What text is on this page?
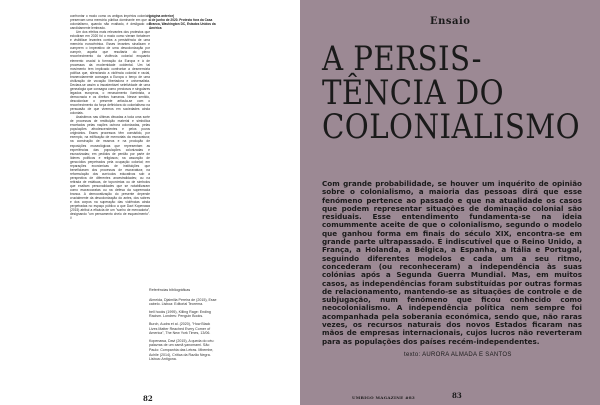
confrontar o modo como os antigos impérios coloniais preservam uma memória pública dominante em que o colonialismo, quando não exaltado, é desligado ou candidamente lembrado.

Um dos efeitos mais relevantes dos protestos que eclodiram em 2020 foi o modo como vieram fortalecer e visibilizar levantes contra a persistência de uma memória eurocêntrica. Esses levantes sinalizam e cumprem o imperativo de uma descolonização por cumprir, aquela que resultaria do pleno reconhecimento da violência colonial enquanto elemento crucial à formação da Europa e à de processos da modernidade ocidental. Um tal movimento tem implicado confrontar a desmemória política que, silenciando a violência colonial e racial, branevolamente consagra a Europa o berço de uma civilização de vocação libertadora e universalista. Declara-se assim a insustentável seletividade de uma genealogia que consagra como preciosos e singulares legados europeus, o renascimento iluminista, a democracia e os direitos humanos. Nesse sentido, descolonizar o presente articula-se com o reconhecimento da força definidora do colonialismo na persuasão de que vivemos em sociedades ainda coloniais.

Assistimos nas últimas décadas a toda uma sorte de processos de restituição material e simbólica encetados pelas nações outrora colonizadas, pelas populações afrodescendentes e pelos povos originários. Esses processos têm consistido, por exemplo, na edificação de memoriais da escravatura; na construção de museus e na produção de exposições museológicas que representam as experiências das populações colonizadas e escravizadas; em pedidos de perdão por parte de líderes políticos e religiosos; na assunção de genocídios perpetrados pela ocupação colonial; em reparações económicas de instituições que beneficiaram dos processos de escravatura; na reformulação dos currículos educativos sob a perspectiva de diferentes ancestralidades; ou na retirada de estátuas, de toponímias ou de símbolos que exaltam personalidades que se notabilizaram como escravocratas ou na defesa da supremacia branca. A democratização do presente depende crucialmente da descolonização do antes, dos sobres e dos corpos na superação das violências ainda perpetradas no espaço público a que Davi Kopenawa (2015) atribui a eficácia de um "sonho de mercadoria", designando "um pensamento cheio de esquecimento". //

(página anterior)
4 de junho de 2020. Protesto fora da Casa Branca, Washington DC, Estados Unidos da América
Referências bibliográficas
Almeida, Djaimilia Pereira de (2015), Esse cabelo. Lisboa: Editorial Teorema.
bell hooks (1995), Killing Rage: Ending Racism. Londres: Penguin Books.
Burch, Audra et al. (2020), "How Black Lives Matter Reached Every Corner of America", The New York Times, 13/06.
Kopenawa, Davi (2015), A queda do céu: palavras de um xamã yanomami. São Paulo: Companhia das Letras. Mbembe, Achile (2014), Crítica da Razão Negra. Lisboa: Antígona.
82
Ensaio
A PERSIS-
TÊNCIA DO
COLONIALISMO
Com grande probabilidade, se houver um inquérito de opinião sobre o colonialismo, a maioria das pessoas dirá que esse fenómeno pertence ao passado e que na atualidade os casos que podem representar situações de dominação colonial são residuais. Esse entendimento fundamenta-se na ideia comummente aceite de que o colonialismo, segundo o modelo que ganhou forma em finais do século XIX, encontra-se em grande parte ultrapassado. É indiscutível que o Reino Unido, a França, a Holanda, a Bélgica, a Espanha, a Itália e Portugal, seguindo diferentes modelos e cada um a seu ritmo, concederam (ou reconheceram) a independência às suas colónias após a Segunda Guerra Mundial. Mas, em muitos casos, as independências foram substituídas por outras formas de relacionamento, mantendo-se as situações de controle e de subjugação, num fenómeno que ficou conhecido como neocolonialismo. A independência política nem sempre foi acompanhada pela soberania económica, sendo que, não raras vezes, os recursos naturais dos novos Estados ficaram nas mãos de empresas internacionais, cujos lucros não reverteram para as populações dos países recém-independentes.
texto: AURORA ALMADA E SANTOS
UMBIGO MAGAZINE #83	83
